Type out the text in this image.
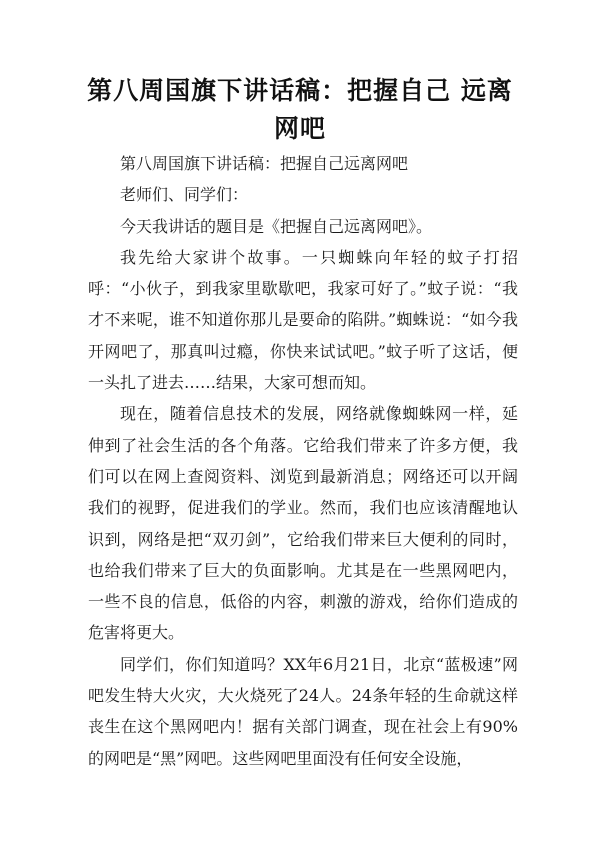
第八周国旗下讲话稿：把握自己 远离网吧

第八周国旗下讲话稿：把握自己远离网吧

老师们、同学们：

今天我讲话的题目是《把握自己远离网吧》。

我先给大家讲个故事。一只蜘蛛向年轻的蚊子打招呼：“小伙子，到我家里歇歇吧，我家可好了。”蚊子说：“我才不来呢，谁不知道你那儿是要命的陷阱。”蜘蛛说：“如今我开网吧了，那真叫过瘾，你快来试试吧。”蚊子听了这话，便一头扎了进去……结果，大家可想而知。

现在，随着信息技术的发展，网络就像蜘蛛网一样，延伸到了社会生活的各个角落。它给我们带来了许多方便，我们可以在网上查阅资料、浏览到最新消息；网络还可以开阔我们的视野，促进我们的学业。然而，我们也应该清醒地认识到，网络是把“双刃剑”，它给我们带来巨大便利的同时，也给我们带来了巨大的负面影响。尤其是在一些黑网吧内，一些不良的信息，低俗的内容，刺激的游戏，给你们造成的危害将更大。

同学们，你们知道吗？XX年6月21日，北京“蓝极速”网吧发生特大火灾，大火烧死了24人。24条年轻的生命就这样丧生在这个黑网吧内！据有关部门调查，现在社会上有90%的网吧是“黑”网吧。这些网吧里面没有任何安全设施，
